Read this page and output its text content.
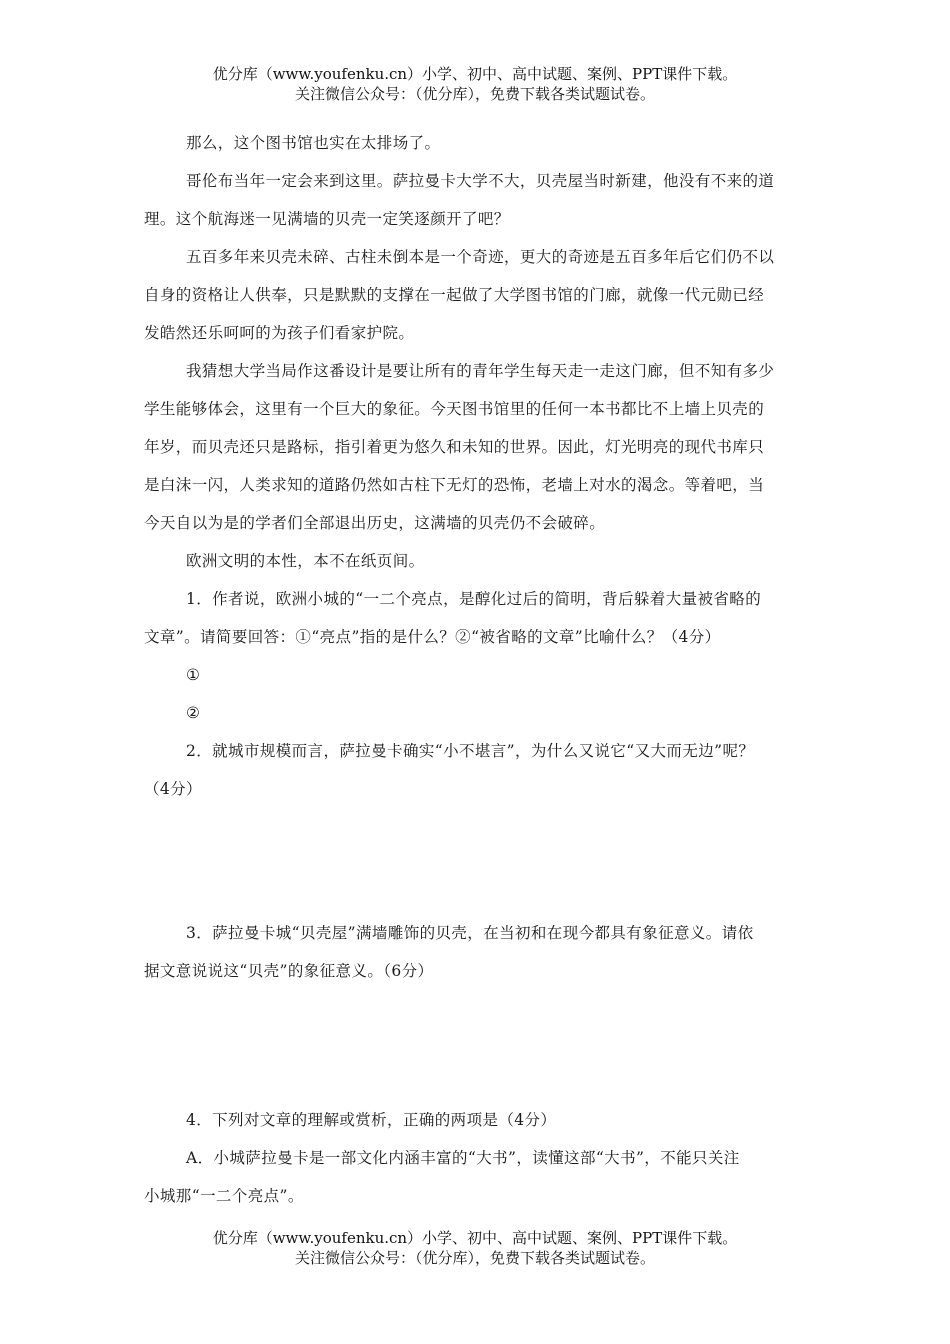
优分库（www.youfenku.cn）小学、初中、高中试题、案例、PPT课件下载。
关注微信公众号：（优分库），免费下载各类试题试卷。
那么，这个图书馆也实在太排场了。
哥伦布当年一定会来到这里。萨拉曼卡大学不大，贝壳屋当时新建，他没有不来的道
理。这个航海迷一见满墙的贝壳一定笑逐颜开了吧？
五百多年来贝壳未碎、古柱未倒本是一个奇迹，更大的奇迹是五百多年后它们仍不以
自身的资格让人供奉，只是默默的支撑在一起做了大学图书馆的门廊，就像一代元勋已经
发皓然还乐呵呵的为孩子们看家护院。
我猜想大学当局作这番设计是要让所有的青年学生每天走一走这门廊，但不知有多少
学生能够体会，这里有一个巨大的象征。今天图书馆里的任何一本书都比不上墙上贝壳的
年岁，而贝壳还只是路标，指引着更为悠久和未知的世界。因此，灯光明亮的现代书库只
是白沫一闪，人类求知的道路仍然如古柱下无灯的恐怖，老墙上对水的渴念。等着吧，当
今天自以为是的学者们全部退出历史，这满墙的贝壳仍不会破碎。
欧洲文明的本性，本不在纸页间。
1．作者说，欧洲小城的“一二个亮点，是醇化过后的简明，背后躲着大量被省略的
文章”。请简要回答：①“亮点”指的是什么？②“被省略的文章”比喻什么？（4分）
①
②
2．就城市规模而言，萨拉曼卡确实“小不堪言”，为什么又说它“又大而无边”呢？
（4分）
3．萨拉曼卡城“贝壳屋”满墙雕饰的贝壳，在当初和在现今都具有象征意义。请依
据文意说说这“贝壳”的象征意义。（6分）
4．下列对文章的理解或赏析，正确的两项是（4分）
A．小城萨拉曼卡是一部文化内涵丰富的“大书”，读懂这部“大书”，不能只关注
小城那“一二个亮点”。
优分库（www.youfenku.cn）小学、初中、高中试题、案例、PPT课件下载。
关注微信公众号：（优分库），免费下载各类试题试卷。
